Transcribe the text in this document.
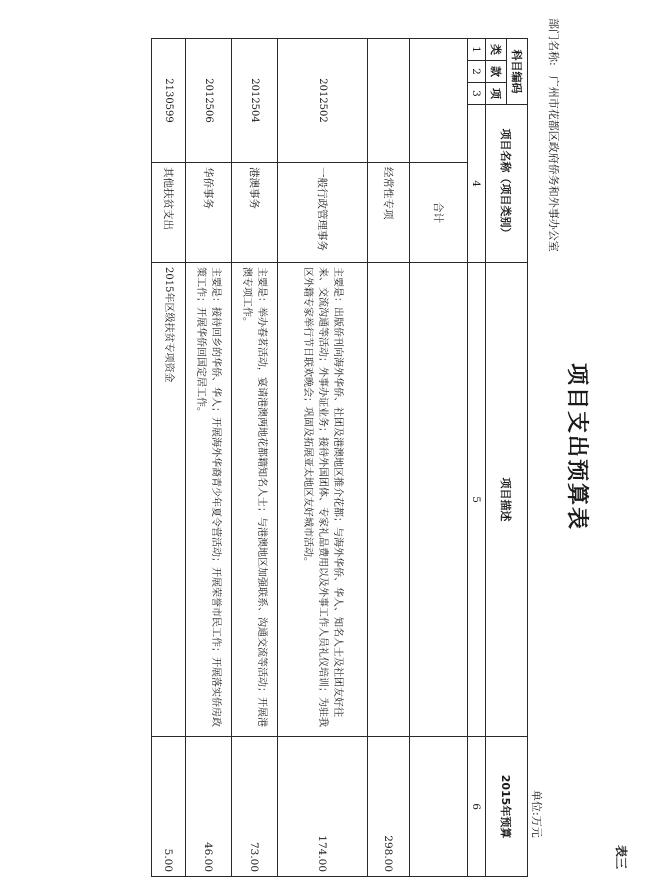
表三
项目支出预算表
部门名称:广州市花都区政府侨务和外事办公室
单位:万元
科目编码			项目名称（项目类别）		项目描述	2015年预算
类	款	项				
1	2	3	4		5	6
				合计		
				经常性专项		298.00
2012502				一般行政管理事务	主要是：出版侨刊向海外华侨、社团及港澳地区推介花都；与海外华侨、华人、知名人士及社团友好往来、交流沟通等活动；外事办证业务；接待外国团体、专家礼品费用以及外事工作人员礼仪培训；为驻我区外籍专家举行节日联欢晚会；巩固及拓展亚太地区友好城市活动。	174.00
2012504				港澳事务	主要是：举办春茗活动，宴请港澳两地花都籍知名人士；与港澳地区加强联系、沟通交流等活动；开展港澳专项工作。	73.00
2012506				华侨事务	主要是：接待回乡的华侨、华人；开展海外华裔青少年夏令营活动；开展荣誉市民工作；开展落实侨房政策工作；开展华侨回国定居工作。	46.00
2130599				其他扶贫支出	2015年区级扶贫专项资金	5.00
